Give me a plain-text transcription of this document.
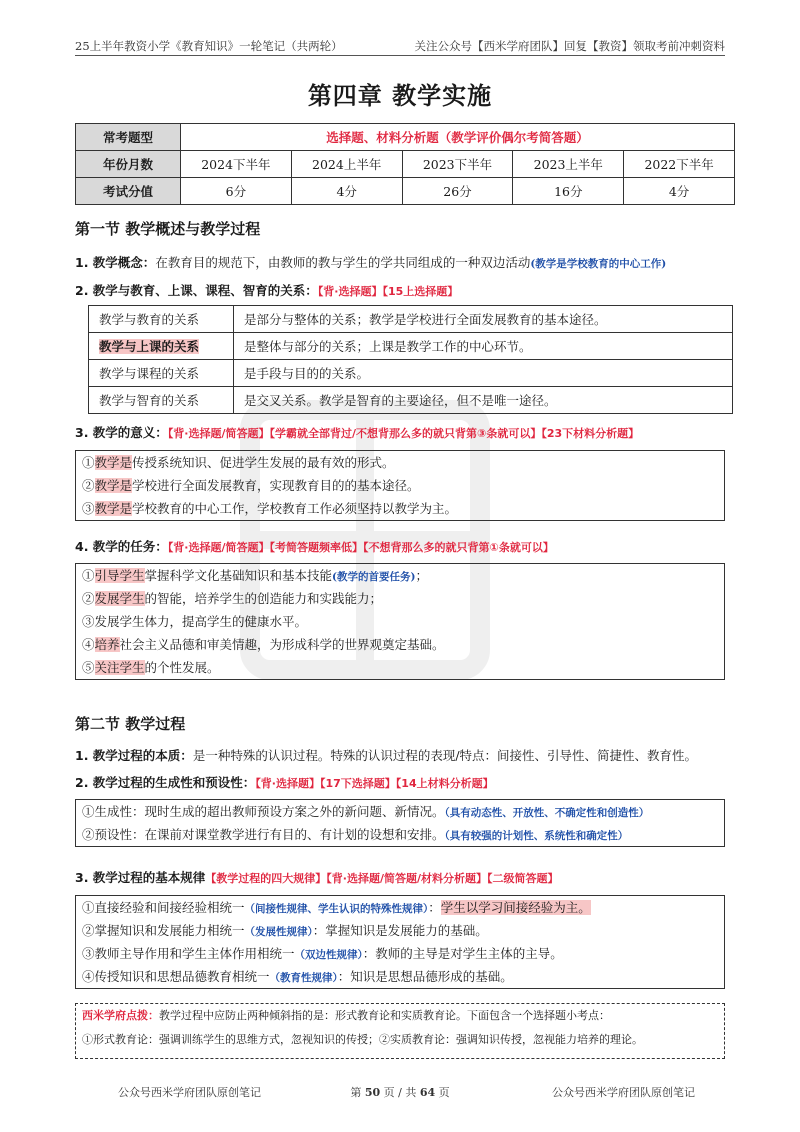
25上半年教资小学《教育知识》一轮笔记（共两轮）	关注公众号【西米学府团队】回复【教资】领取考前冲刺资料
第四章 教学实施
常考题型	选择题、材料分析题（教学评价偶尔考简答题）				
年份月数	2024下半年	2024上半年	2023下半年	2023上半年	2022下半年
考试分值	6分	4分	26分	16分	4分
第一节 教学概述与教学过程
1. 教学概念：在教育目的规范下，由教师的教与学生的学共同组成的一种双边活动(教学是学校教育的中心工作)
2. 教学与教育、上课、课程、智育的关系：【背·选择题】【15上选择题】
教学与教育的关系	是部分与整体的关系；教学是学校进行全面发展教育的基本途径。
教学与上课的关系	是整体与部分的关系；上课是教学工作的中心环节。
教学与课程的关系	是手段与目的的关系。
教学与智育的关系	是交叉关系。教学是智育的主要途径，但不是唯一途径。
3. 教学的意义：【背·选择题/简答题】【学霸就全部背过/不想背那么多的就只背第③条就可以】【23下材料分析题】
①教学是传授系统知识、促进学生发展的最有效的形式。
②教学是学校进行全面发展教育，实现教育目的的基本途径。
③教学是学校教育的中心工作，学校教育工作必须坚持以教学为主。
4. 教学的任务：【背·选择题/简答题】【考简答题频率低】【不想背那么多的就只背第①条就可以】
①引导学生掌握科学文化基础知识和基本技能(教学的首要任务)；
②发展学生的智能，培养学生的创造能力和实践能力；
③发展学生体力，提高学生的健康水平。
④培养社会主义品德和审美情趣，为形成科学的世界观奠定基础。
⑤关注学生的个性发展。
第二节 教学过程
1. 教学过程的本质：是一种特殊的认识过程。特殊的认识过程的表现/特点：间接性、引导性、简捷性、教育性。
2. 教学过程的生成性和预设性：【背·选择题】【17下选择题】【14上材料分析题】
①生成性：现时生成的超出教师预设方案之外的新问题、新情况。（具有动态性、开放性、不确定性和创造性）
②预设性：在课前对课堂教学进行有目的、有计划的设想和安排。（具有较强的计划性、系统性和确定性）
3. 教学过程的基本规律【教学过程的四大规律】【背·选择题/简答题/材料分析题】【二级简答题】
①直接经验和间接经验相统一（间接性规律、学生认识的特殊性规律）：学生以学习间接经验为主。
②掌握知识和发展能力相统一（发展性规律）：掌握知识是发展能力的基础。
③教师主导作用和学生主体作用相统一（双边性规律）：教师的主导是对学生主体的主导。
④传授知识和思想品德教育相统一（教育性规律）：知识是思想品德形成的基础。
西米学府点拨：教学过程中应防止两种倾斜指的是：形式教育论和实质教育论。下面包含一个选择题小考点：
①形式教育论：强调训练学生的思维方式，忽视知识的传授；②实质教育论：强调知识传授，忽视能力培养的理论。
公众号西米学府团队原创笔记	第 50 页 / 共 64 页	公众号西米学府团队原创笔记
